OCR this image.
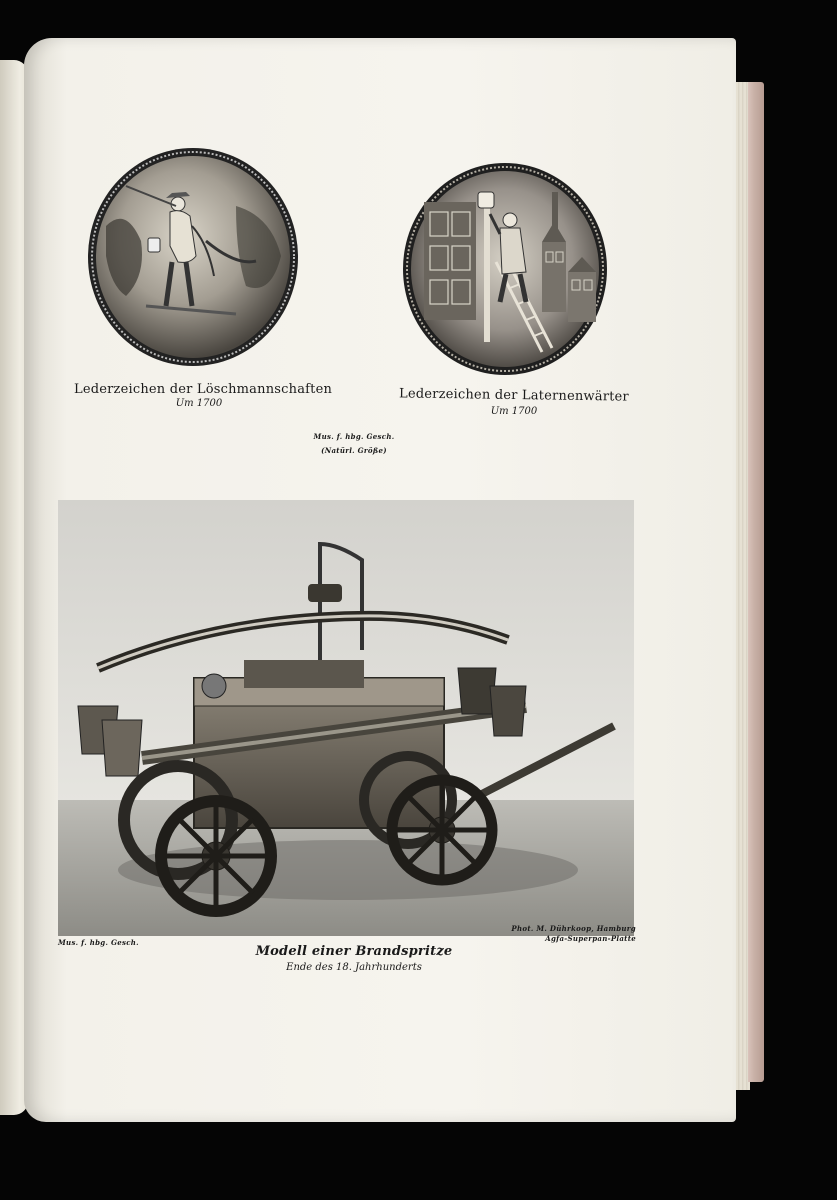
Lederzeichen der Löschmannschaften
Um 1700	Lederzeichen der Laternenwärter
Um 1700
Mus. f. hbg. Gesch.
(Natürl. Größe)
Mus. f. hbg. Gesch.
Phot. M. Dührkoop, Hamburg
Agfa-Superpan-Platte
Modell einer Brandspritze
Ende des 18. Jahrhunderts
